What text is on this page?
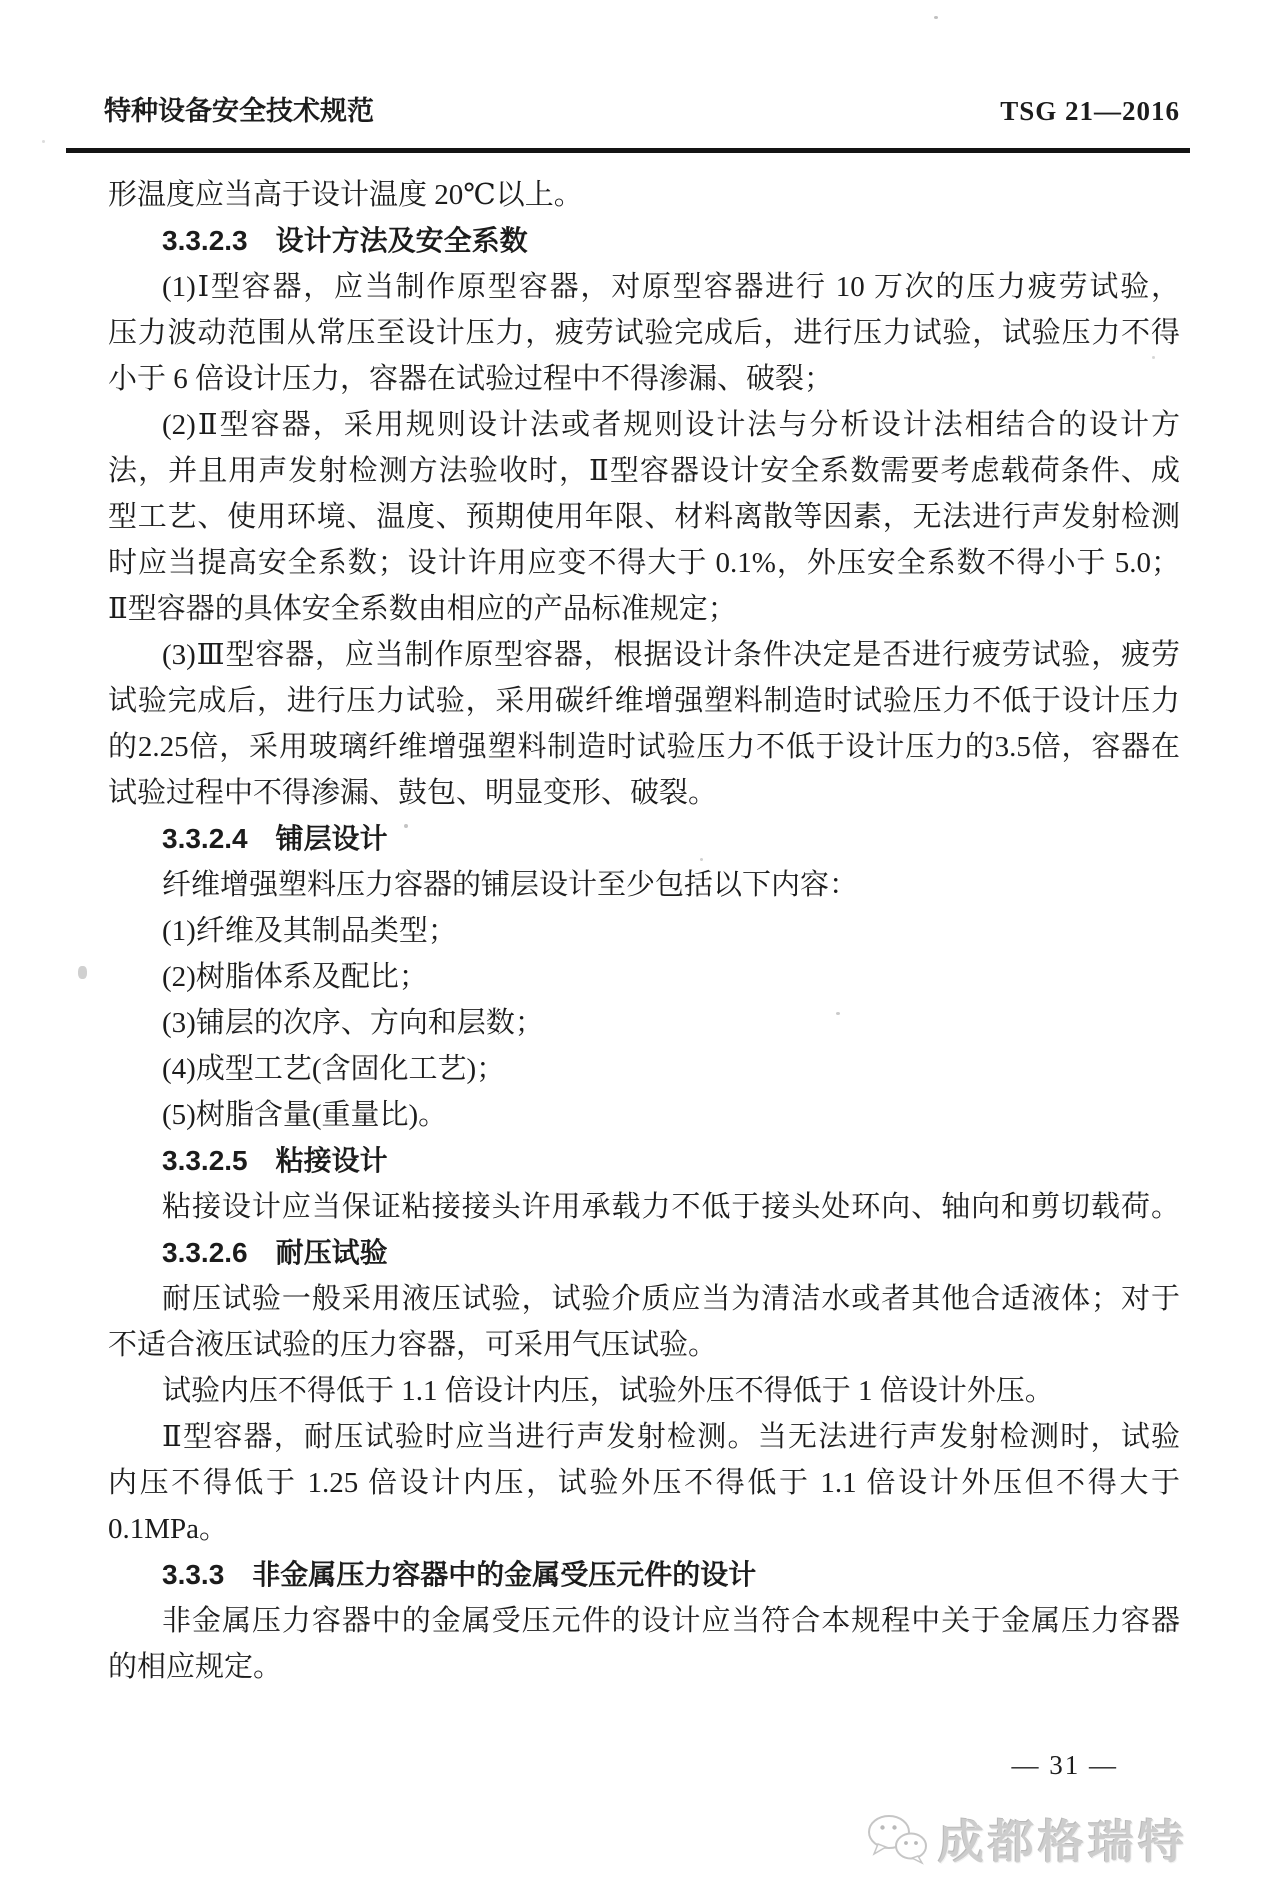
特种设备安全技术规范	TSG 21—2016
形温度应当高于设计温度 20℃以上。
3.3.2.3　设计方法及安全系数
(1)Ⅰ型容器，应当制作原型容器，对原型容器进行 10 万次的压力疲劳试验，
压力波动范围从常压至设计压力，疲劳试验完成后，进行压力试验，试验压力不得
小于 6 倍设计压力，容器在试验过程中不得渗漏、破裂；
(2)Ⅱ型容器，采用规则设计法或者规则设计法与分析设计法相结合的设计方
法，并且用声发射检测方法验收时，Ⅱ型容器设计安全系数需要考虑载荷条件、成
型工艺、使用环境、温度、预期使用年限、材料离散等因素，无法进行声发射检测
时应当提高安全系数；设计许用应变不得大于 0.1%，外压安全系数不得小于 5.0；
Ⅱ型容器的具体安全系数由相应的产品标准规定；
(3)Ⅲ型容器，应当制作原型容器，根据设计条件决定是否进行疲劳试验，疲劳
试验完成后，进行压力试验，采用碳纤维增强塑料制造时试验压力不低于设计压力
的2.25倍，采用玻璃纤维增强塑料制造时试验压力不低于设计压力的3.5倍，容器在
试验过程中不得渗漏、鼓包、明显变形、破裂。
3.3.2.4　铺层设计
纤维增强塑料压力容器的铺层设计至少包括以下内容：
(1)纤维及其制品类型；
(2)树脂体系及配比；
(3)铺层的次序、方向和层数；
(4)成型工艺(含固化工艺)；
(5)树脂含量(重量比)。
3.3.2.5　粘接设计
粘接设计应当保证粘接接头许用承载力不低于接头处环向、轴向和剪切载荷。
3.3.2.6　耐压试验
耐压试验一般采用液压试验，试验介质应当为清洁水或者其他合适液体；对于
不适合液压试验的压力容器，可采用气压试验。
试验内压不得低于 1.1 倍设计内压，试验外压不得低于 1 倍设计外压。
Ⅱ型容器，耐压试验时应当进行声发射检测。当无法进行声发射检测时，试验
内压不得低于 1.25 倍设计内压，试验外压不得低于 1.1 倍设计外压但不得大于
0.1MPa。
3.3.3　非金属压力容器中的金属受压元件的设计
非金属压力容器中的金属受压元件的设计应当符合本规程中关于金属压力容器
的相应规定。
— 31 —
成都格瑞特
